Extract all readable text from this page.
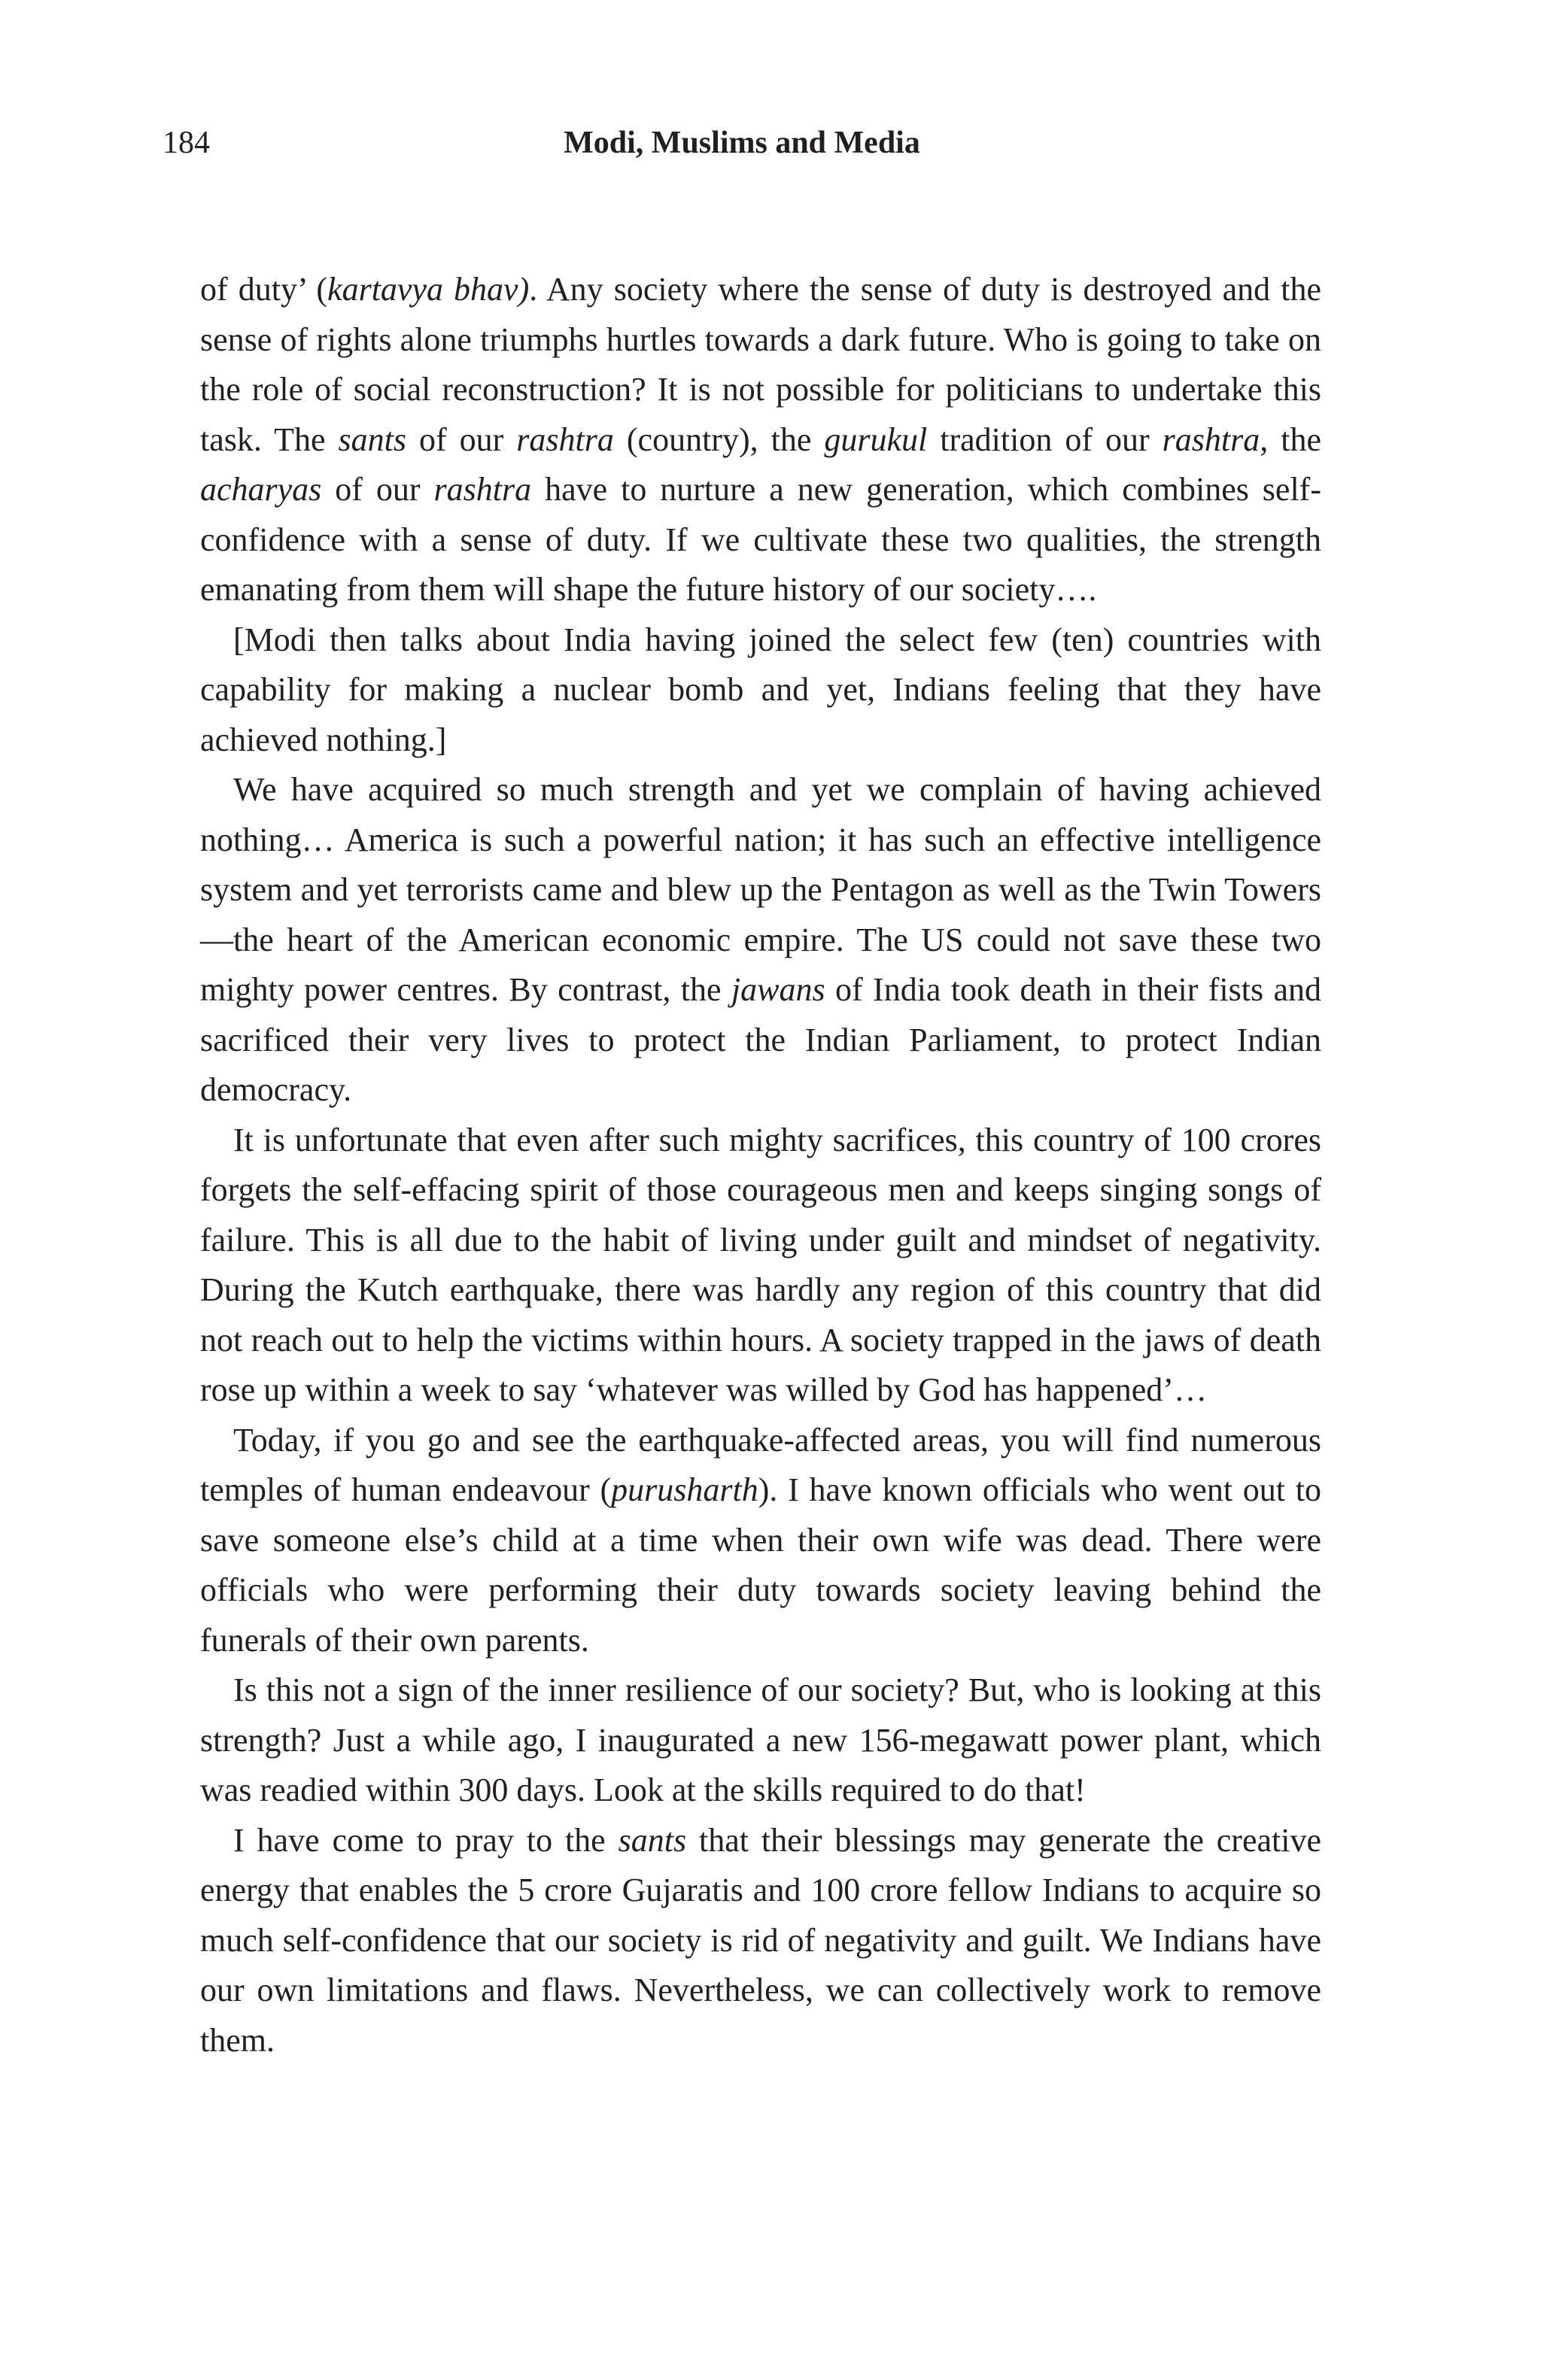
184	Modi, Muslims and Media

of duty’ (kartavya bhav). Any society where the sense of duty is destroyed and the sense of rights alone triumphs hurtles towards a dark future. Who is going to take on the role of social reconstruction? It is not possible for politicians to undertake this task. The sants of our rashtra (country), the gurukul tradition of our rashtra, the acharyas of our rashtra have to nurture a new generation, which combines self-confidence with a sense of duty. If we cultivate these two qualities, the strength emanating from them will shape the future history of our society….

[Modi then talks about India having joined the select few (ten) countries with capability for making a nuclear bomb and yet, Indians feeling that they have achieved nothing.]

We have acquired so much strength and yet we complain of having achieved nothing… America is such a powerful nation; it has such an effective intelligence system and yet terrorists came and blew up the Pentagon as well as the Twin Towers—the heart of the American economic empire. The US could not save these two mighty power centres. By contrast, the jawans of India took death in their fists and sacrificed their very lives to protect the Indian Parliament, to protect Indian democracy.

It is unfortunate that even after such mighty sacrifices, this country of 100 crores forgets the self-effacing spirit of those courageous men and keeps singing songs of failure. This is all due to the habit of living under guilt and mindset of negativity. During the Kutch earthquake, there was hardly any region of this country that did not reach out to help the victims within hours. A society trapped in the jaws of death rose up within a week to say ‘whatever was willed by God has happened’…

Today, if you go and see the earthquake-affected areas, you will find numerous temples of human endeavour (purusharth). I have known officials who went out to save someone else’s child at a time when their own wife was dead. There were officials who were performing their duty towards society leaving behind the funerals of their own parents.

Is this not a sign of the inner resilience of our society? But, who is looking at this strength? Just a while ago, I inaugurated a new 156-megawatt power plant, which was readied within 300 days. Look at the skills required to do that!

I have come to pray to the sants that their blessings may generate the creative energy that enables the 5 crore Gujaratis and 100 crore fellow Indians to acquire so much self-confidence that our society is rid of negativity and guilt. We Indians have our own limitations and flaws. Nevertheless, we can collectively work to remove them.
